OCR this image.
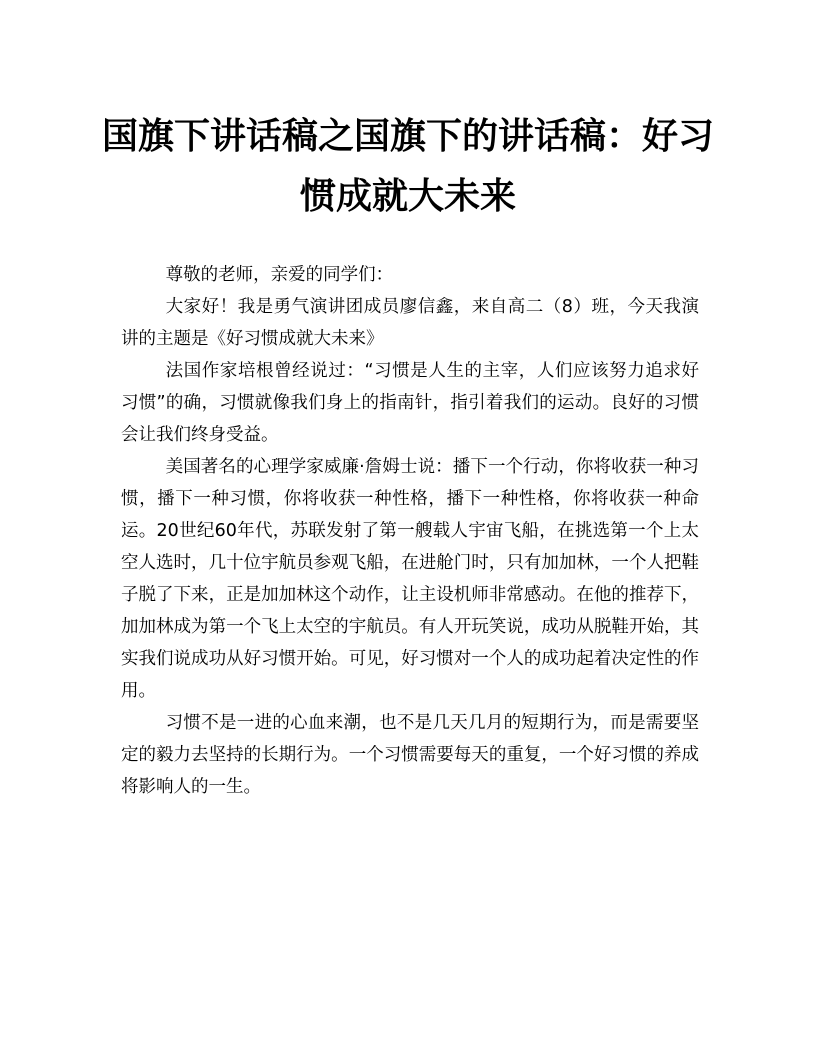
国旗下讲话稿之国旗下的讲话稿：好习
惯成就大未来

尊敬的老师，亲爱的同学们：

大家好！我是勇气演讲团成员廖信鑫，来自高二（8）班，今天我演讲的主题是《好习惯成就大未来》

法国作家培根曾经说过：“习惯是人生的主宰，人们应该努力追求好习惯”的确，习惯就像我们身上的指南针，指引着我们的运动。良好的习惯会让我们终身受益。

美国著名的心理学家威廉·詹姆士说：播下一个行动，你将收获一种习惯，播下一种习惯，你将收获一种性格，播下一种性格，你将收获一种命运。20世纪60年代，苏联发射了第一艘载人宇宙飞船，在挑选第一个上太空人选时，几十位宇航员参观飞船，在进舱门时，只有加加林，一个人把鞋子脱了下来，正是加加林这个动作，让主设机师非常感动。在他的推荐下，加加林成为第一个飞上太空的宇航员。有人开玩笑说，成功从脱鞋开始，其实我们说成功从好习惯开始。可见，好习惯对一个人的成功起着决定性的作用。

习惯不是一进的心血来潮，也不是几天几月的短期行为，而是需要坚定的毅力去坚持的长期行为。一个习惯需要每天的重复，一个好习惯的养成将影响人的一生。
